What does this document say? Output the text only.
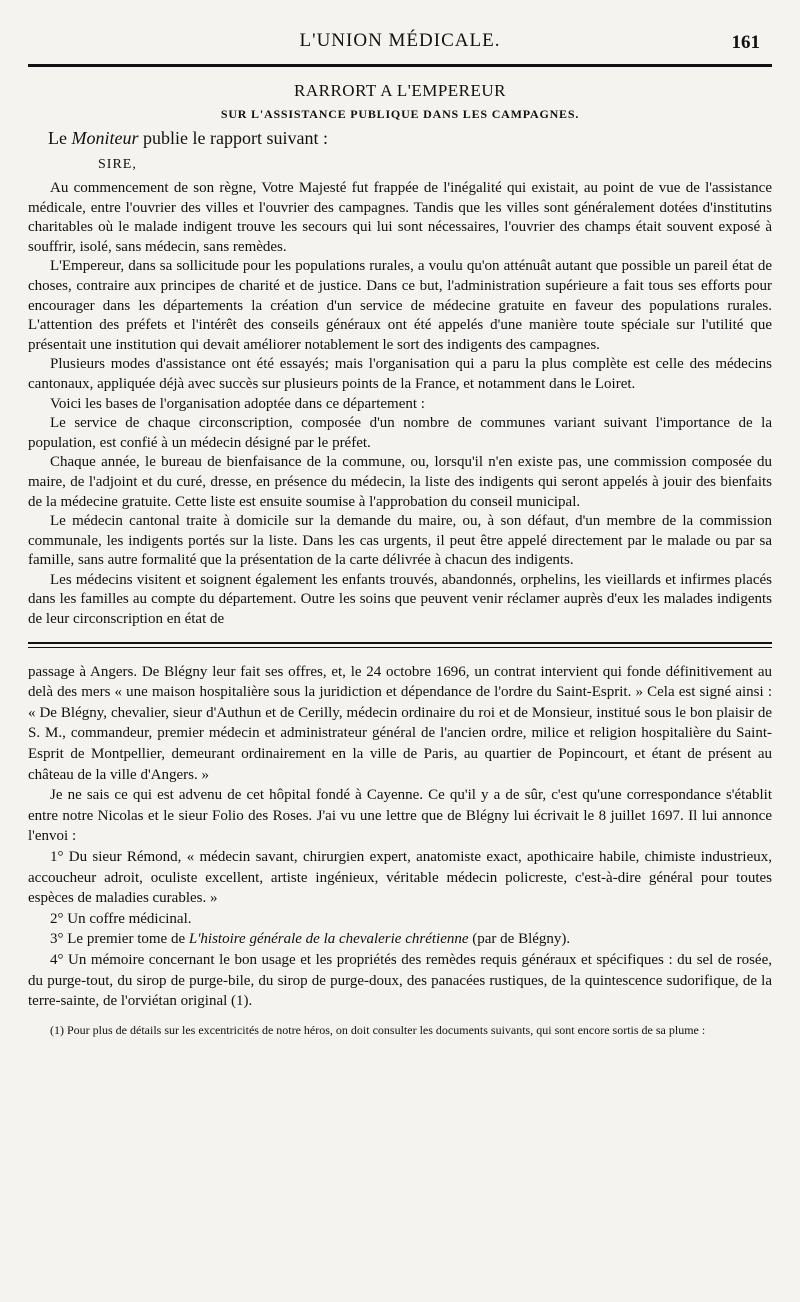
L'UNION MÉDICALE.	161
RARRORT A L'EMPEREUR
SUR L'ASSISTANCE PUBLIQUE DANS LES CAMPAGNES.
Le Moniteur publie le rapport suivant :
SIRE,

Au commencement de son règne, Votre Majesté fut frappée de l'inégalité qui existait, au point de vue de l'assistance médicale, entre l'ouvrier des villes et l'ouvrier des campagnes. Tandis que les villes sont généralement dotées d'institutins charitables où le malade indigent trouve les secours qui lui sont nécessaires, l'ouvrier des champs était souvent exposé à souffrir, isolé, sans médecin, sans remèdes.

L'Empereur, dans sa sollicitude pour les populations rurales, a voulu qu'on atténuât autant que possible un pareil état de choses, contraire aux principes de charité et de justice. Dans ce but, l'administration supérieure a fait tous ses efforts pour encourager dans les départements la création d'un service de médecine gratuite en faveur des populations rurales. L'attention des préfets et l'intérêt des conseils généraux ont été appelés d'une manière toute spéciale sur l'utilité que présentait une institution qui devait améliorer notablement le sort des indigents des campagnes.

Plusieurs modes d'assistance ont été essayés; mais l'organisation qui a paru la plus complète est celle des médecins cantonaux, appliquée déjà avec succès sur plusieurs points de la France, et notamment dans le Loiret.

Voici les bases de l'organisation adoptée dans ce département :

Le service de chaque circonscription, composée d'un nombre de communes variant suivant l'importance de la population, est confié à un médecin désigné par le préfet.

Chaque année, le bureau de bienfaisance de la commune, ou, lorsqu'il n'en existe pas, une commission composée du maire, de l'adjoint et du curé, dresse, en présence du médecin, la liste des indigents qui seront appelés à jouir des bienfaits de la médecine gratuite. Cette liste est ensuite soumise à l'approbation du conseil municipal.

Le médecin cantonal traite à domicile sur la demande du maire, ou, à son défaut, d'un membre de la commission communale, les indigents portés sur la liste. Dans les cas urgents, il peut être appelé directement par le malade ou par sa famille, sans autre formalité que la présentation de la carte délivrée à chacun des indigents.

Les médecins visitent et soignent également les enfants trouvés, abandonnés, orphelins, les vieillards et infirmes placés dans les familles au compte du département. Outre les soins que peuvent venir réclamer auprès d'eux les malades indigents de leur circonscription en état de

passage à Angers. De Blégny leur fait ses offres, et, le 24 octobre 1696, un contrat intervient qui fonde définitivement au delà des mers « une maison hospitalière sous la juridiction et dépendance de l'ordre du Saint-Esprit. » Cela est signé ainsi : « De Blégny, chevalier, sieur d'Authun et de Cerilly, médecin ordinaire du roi et de Monsieur, institué sous le bon plaisir de S. M., commandeur, premier médecin et administrateur général de l'ancien ordre, milice et religion hospitalière du Saint-Esprit de Montpellier, demeurant ordinairement en la ville de Paris, au quartier de Popincourt, et étant de présent au château de la ville d'Angers. »

Je ne sais ce qui est advenu de cet hôpital fondé à Cayenne. Ce qu'il y a de sûr, c'est qu'une correspondance s'établit entre notre Nicolas et le sieur Folio des Roses. J'ai vu une lettre que de Blégny lui écrivait le 8 juillet 1697. Il lui annonce l'envoi :

1° Du sieur Rémond, « médecin savant, chirurgien expert, anatomiste exact, apothicaire habile, chimiste industrieux, accoucheur adroit, oculiste excellent, artiste ingénieux, véritable médecin policreste, c'est-à-dire général pour toutes espèces de maladies curables. »

2° Un coffre médicinal.

3° Le premier tome de L'histoire générale de la chevalerie chrétienne (par de Blégny).

4° Un mémoire concernant le bon usage et les propriétés des remèdes requis généraux et spécifiques : du sel de rosée, du purge-tout, du sirop de purge-bile, du sirop de purge-doux, des panacées rustiques, de la quintescence sudorifique, de la terre-sainte, de l'orviétan original (1).

(1) Pour plus de détails sur les excentricités de notre héros, on doit consulter les documents suivants, qui sont encore sortis de sa plume :
